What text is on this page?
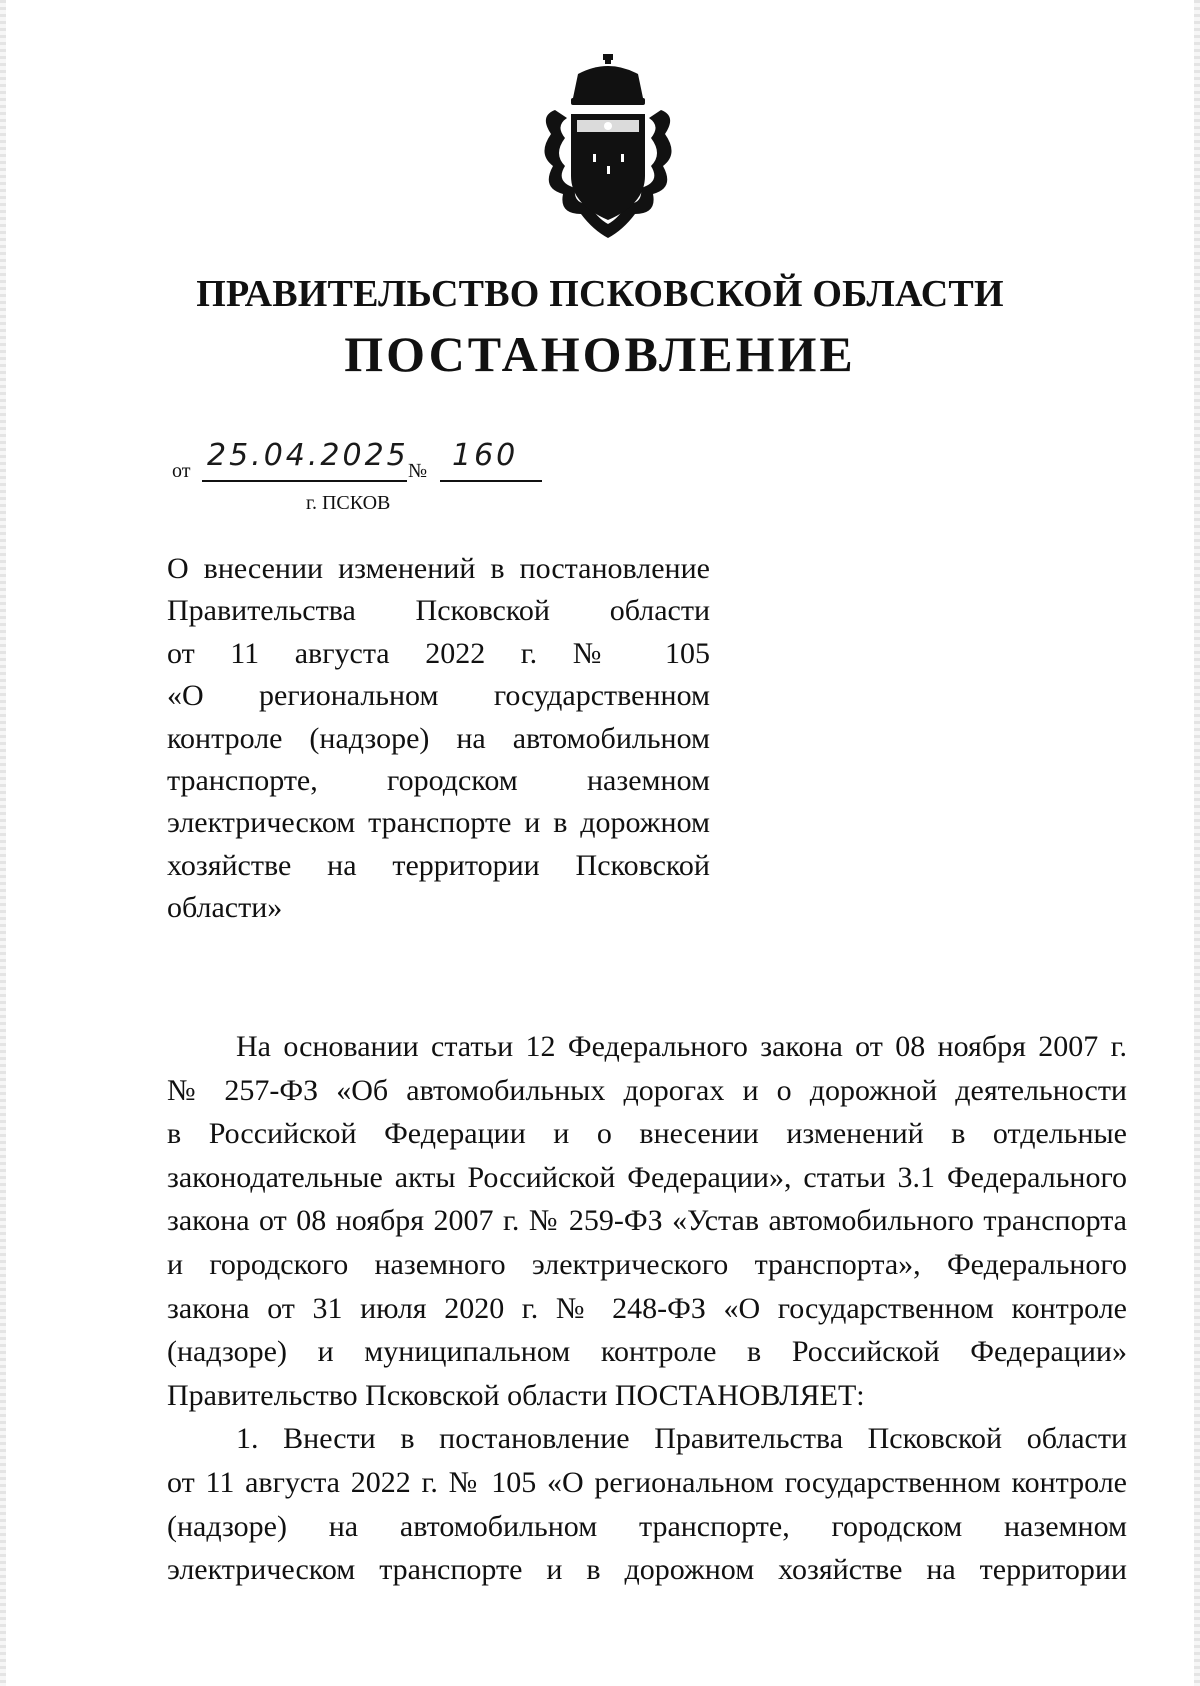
ПРАВИТЕЛЬСТВО ПСКОВСКОЙ ОБЛАСТИ
ПОСТАНОВЛЕНИЕ
от 25.04.2025 № 160
г. ПСКОВ
О внесении изменений в постановление
Правительства Псковской области
от 11 августа 2022 г. № 105
«О региональном государственном
контроле (надзоре) на автомобильном
транспорте, городском наземном
электрическом транспорте и в дорожном
хозяйстве на территории Псковской
области»
На основании статьи 12 Федерального закона от 08 ноября 2007 г.
№ 257-ФЗ «Об автомобильных дорогах и о дорожной деятельности
в Российской Федерации и о внесении изменений в отдельные
законодательные акты Российской Федерации», статьи 3.1 Федерального
закона от 08 ноября 2007 г. № 259-ФЗ «Устав автомобильного транспорта
и городского наземного электрического транспорта», Федерального
закона от 31 июля 2020 г. № 248-ФЗ «О государственном контроле
(надзоре) и муниципальном контроле в Российской Федерации»
Правительство Псковской области ПОСТАНОВЛЯЕТ:
1. Внести в постановление Правительства Псковской области
от 11 августа 2022 г. № 105 «О региональном государственном контроле
(надзоре) на автомобильном транспорте, городском наземном
электрическом транспорте и в дорожном хозяйстве на территории
